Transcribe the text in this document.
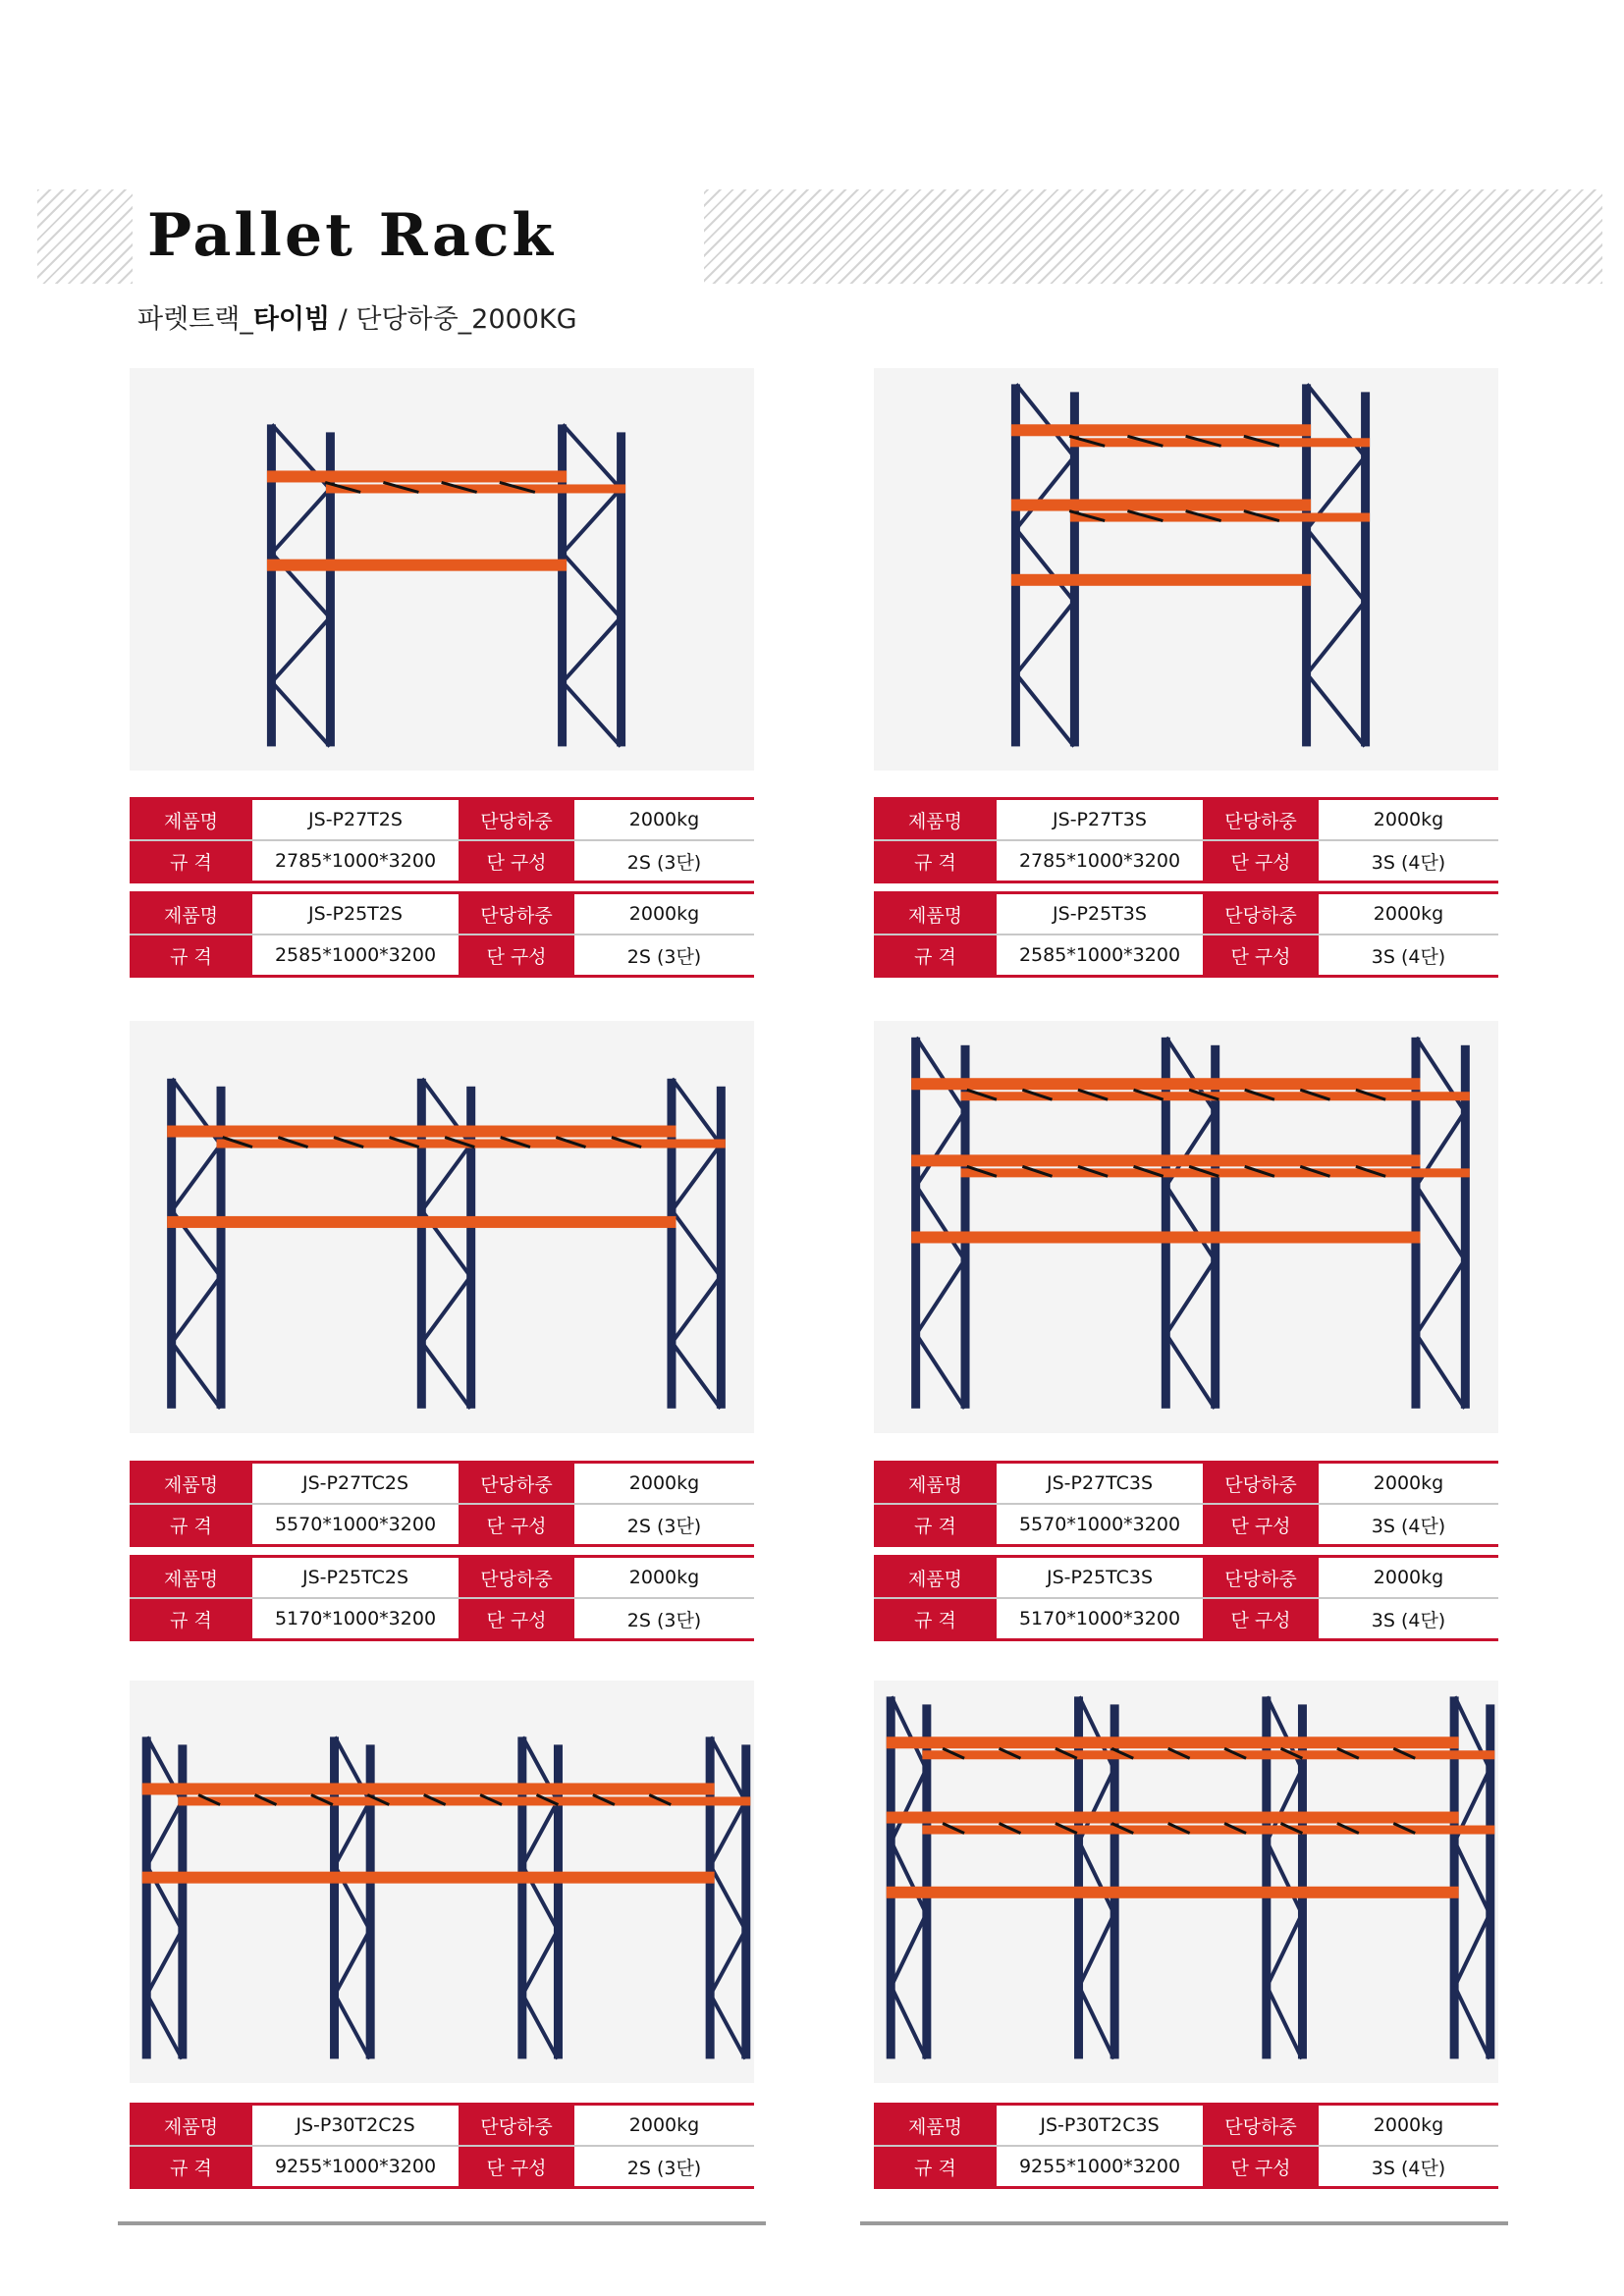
Pallet Rack
파렛트랙_타이빔 / 단당하중_2000KG
제품명	JS-P27T2S	단당하중	2000kg
규 격	2785*1000*3200	단 구성	2S (3단)
제품명	JS-P25T2S	단당하중	2000kg
규 격	2585*1000*3200	단 구성	2S (3단)
제품명	JS-P27T3S	단당하중	2000kg
규 격	2785*1000*3200	단 구성	3S (4단)
제품명	JS-P25T3S	단당하중	2000kg
규 격	2585*1000*3200	단 구성	3S (4단)
제품명	JS-P27TC2S	단당하중	2000kg
규 격	5570*1000*3200	단 구성	2S (3단)
제품명	JS-P25TC2S	단당하중	2000kg
규 격	5170*1000*3200	단 구성	2S (3단)
제품명	JS-P27TC3S	단당하중	2000kg
규 격	5570*1000*3200	단 구성	3S (4단)
제품명	JS-P25TC3S	단당하중	2000kg
규 격	5170*1000*3200	단 구성	3S (4단)
제품명	JS-P30T2C2S	단당하중	2000kg
규 격	9255*1000*3200	단 구성	2S (3단)
제품명	JS-P30T2C3S	단당하중	2000kg
규 격	9255*1000*3200	단 구성	3S (4단)
